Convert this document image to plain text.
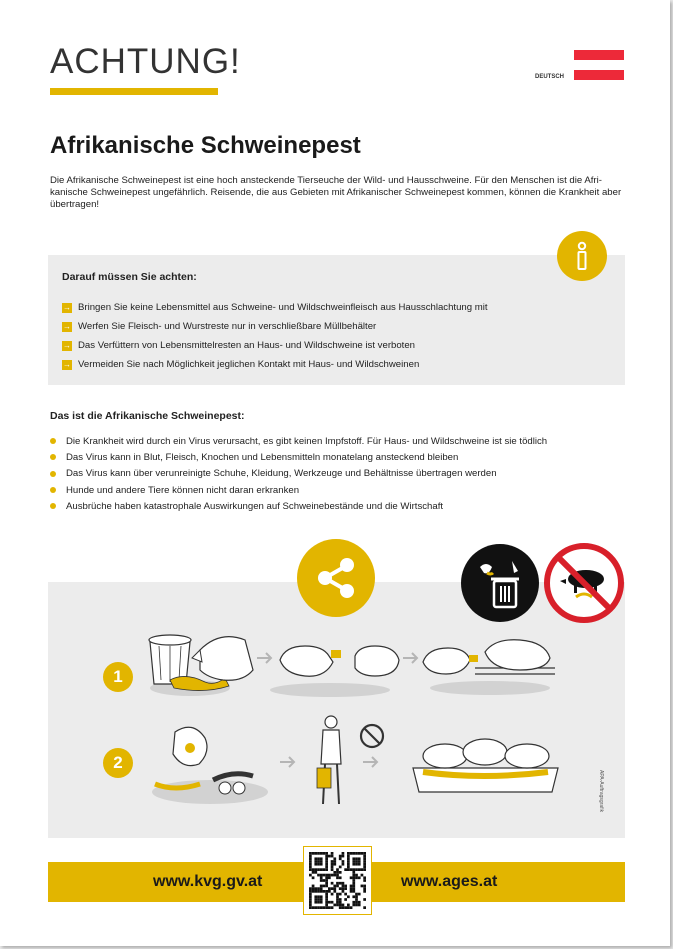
ACHTUNG!	DEUTSCH
Afrikanische Schweinepest
Die Afrikanische Schweinepest ist eine hoch ansteckende Tierseuche der Wild- und Hausschweine. Für den Menschen ist die Afri-kanische Schweinepest ungefährlich. Reisende, die aus Gebieten mit Afrikanischer Schweinepest kommen, können die Krankheit aber übertragen!
Darauf müssen Sie achten:
→ Bringen Sie keine Lebensmittel aus Schweine- und Wildschweinfleisch aus Hausschlachtung mit
→ Werfen Sie Fleisch- und Wurstreste nur in verschließbare Müllbehälter
→ Das Verfüttern von Lebensmittelresten an Haus- und Wildschweine ist verboten
→ Vermeiden Sie nach Möglichkeit jeglichen Kontakt mit Haus- und Wildschweinen
Das ist die Afrikanische Schweinepest:
Die Krankheit wird durch ein Virus verursacht, es gibt keinen Impfstoff. Für Haus- und Wildschweine ist sie tödlich
Das Virus kann in Blut, Fleisch, Knochen und Lebensmitteln monatelang ansteckend bleiben
Das Virus kann über verunreinigte Schuhe, Kleidung, Werkzeuge und Behältnisse übertragen werden
Hunde und andere Tiere können nicht daran erkranken
Ausbrüche haben katastrophale Auswirkungen auf Schweinebestände und die Wirtschaft
1
2
APA-Auftragsgrafik
www.kvg.gv.at	www.ages.at
